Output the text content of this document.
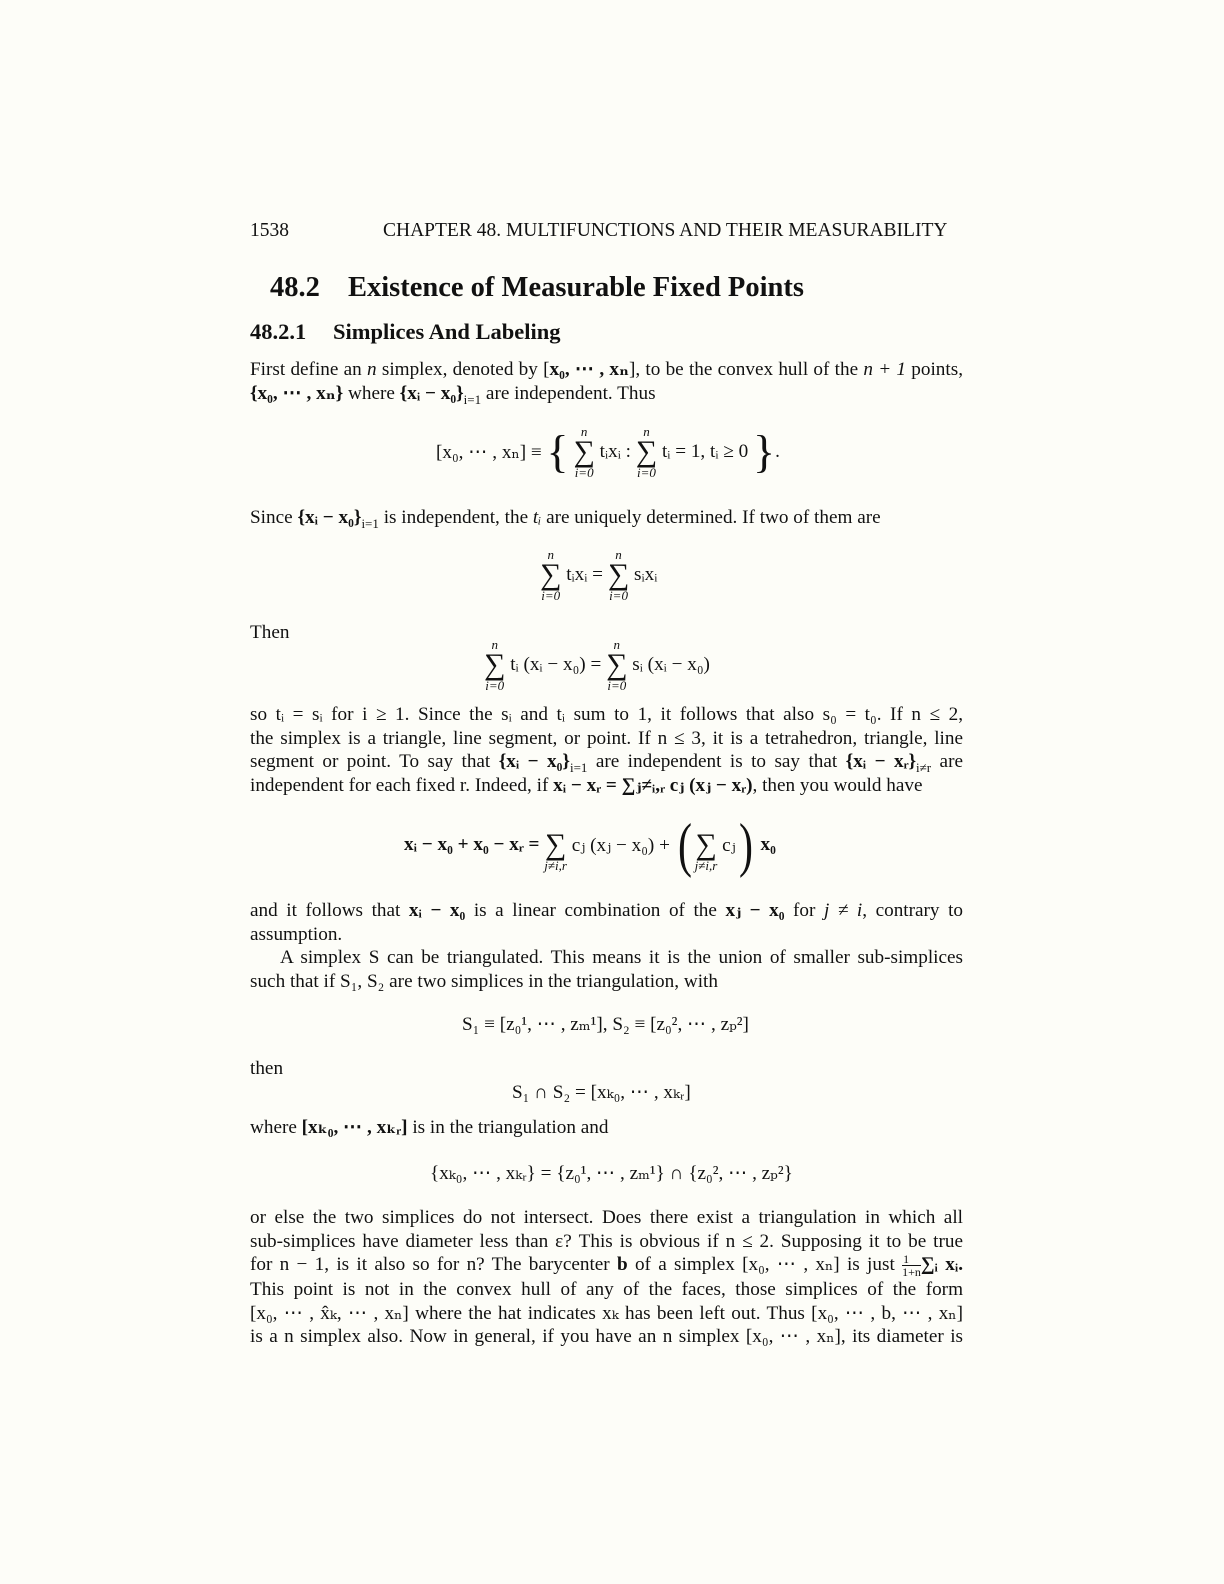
1538	CHAPTER 48. MULTIFUNCTIONS AND THEIR MEASURABILITY
48.2 Existence of Measurable Fixed Points
48.2.1 Simplices And Labeling
First define an n simplex, denoted by [x₀, ⋯ , xₙ], to be the convex hull of the n + 1 points,
{x₀, ⋯ , xₙ} where {xᵢ − $x_0\}_{i=1}$ are independent. Thus
[x₀, ⋯ , xₙ] ≡ { n
∑
i=0
tᵢxᵢ :
n
∑
i=0
tᵢ = 1, tᵢ ≥ 0 }.
Since {xᵢ − $x_0\}_{i=1}$ is independent, the tᵢ are uniquely determined. If two of them are
n
∑
i=0
tᵢxᵢ =
n
∑
i=0
sᵢxᵢ
Then
n
∑
i=0
tᵢ (xᵢ − x₀) =
n
∑
i=0
sᵢ (xᵢ − x₀)
so tᵢ = sᵢ for i ≥ 1. Since the sᵢ and tᵢ sum to 1, it follows that also s₀ = t₀. If n ≤ 2,
the simplex is a triangle, line segment, or point. If n ≤ 3, it is a tetrahedron, triangle, line
segment or point. To say that {xᵢ − $x_0\}_{i=1}$ are independent is to say that {xᵢ − $xᵣ\}_{i\ne r}$ are
independent for each fixed r. Indeed, if xᵢ − xᵣ = ∑ⱼ≠ᵢ,ᵣ cⱼ (xⱼ − xᵣ), then you would have
xᵢ − x₀ + x₀ − xᵣ =
∑
j≠i,r
cⱼ (xⱼ − x₀) + (
∑
j≠i,r
cⱼ) x₀
and it follows that xᵢ − x₀ is a linear combination of the xⱼ − x₀ for j ≠ i, contrary to
assumption.
A simplex S can be triangulated. This means it is the union of smaller sub-simplices
such that if S₁, S₂ are two simplices in the triangulation, with
S₁ ≡ [z₀¹, ⋯ , zₘ¹], S₂ ≡ [z₀², ⋯ , zₚ²]
then
S₁ ∩ S₂ = [xₖ₀, ⋯ , xₖᵣ]
where [xₖ₀, ⋯ , xₖᵣ] is in the triangulation and
{xₖ₀, ⋯ , xₖᵣ} = {z₀¹, ⋯ , zₘ¹} ∩ {z₀², ⋯ , zₚ²}
or else the two simplices do not intersect. Does there exist a triangulation in which all
sub-simplices have diameter less than ε? This is obvious if n ≤ 2. Supposing it to be true
for n − 1, is it also so for n? The barycenter b of a simplex [x₀, ⋯ , xₙ] is just $\frac{1}{1+n}$ ∑ᵢ xᵢ.
This point is not in the convex hull of any of the faces, those simplices of the form
[x₀, ⋯ , x̂ₖ, ⋯ , xₙ] where the hat indicates xₖ has been left out. Thus [x₀, ⋯ , b, ⋯ , xₙ]
is a n simplex also. Now in general, if you have an n simplex [x₀, ⋯ , xₙ], its diameter is
